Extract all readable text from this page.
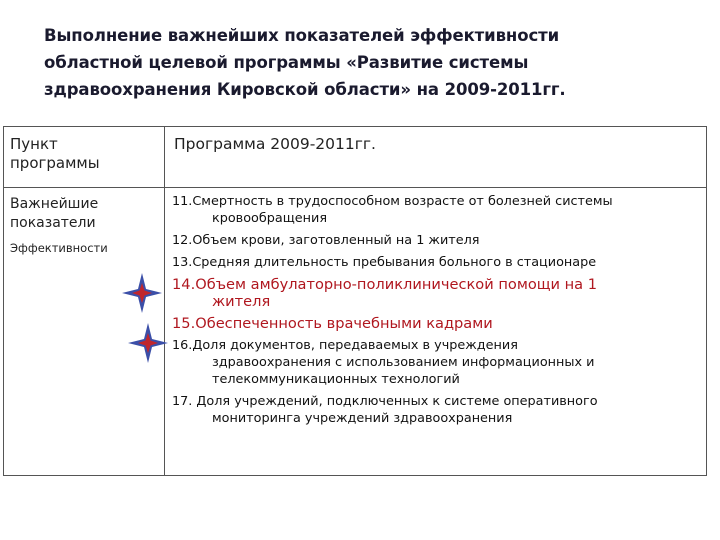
Выполнение важнейших показателей эффективности
областной целевой программы «Развитие системы
здравоохранения Кировской области» на 2009-2011гг.
Пункт
программы
Программа 2009-2011гг.
Важнейшие
показатели
Эффективности
11.Смертность в трудоспособном возрасте от болезней системы
кровообращения
12.Объем крови, заготовленный на 1 жителя
13.Средняя длительность пребывания больного в стационаре
14.Объем амбулаторно-поликлинической помощи на 1
жителя
15.Обеспеченность врачебными кадрами
16.Доля документов, передаваемых в учреждения
здравоохранения с использованием информационных и
телекоммуникационных технологий
17. Доля учреждений, подключенных к системе оперативного
мониторинга учреждений здравоохранения
